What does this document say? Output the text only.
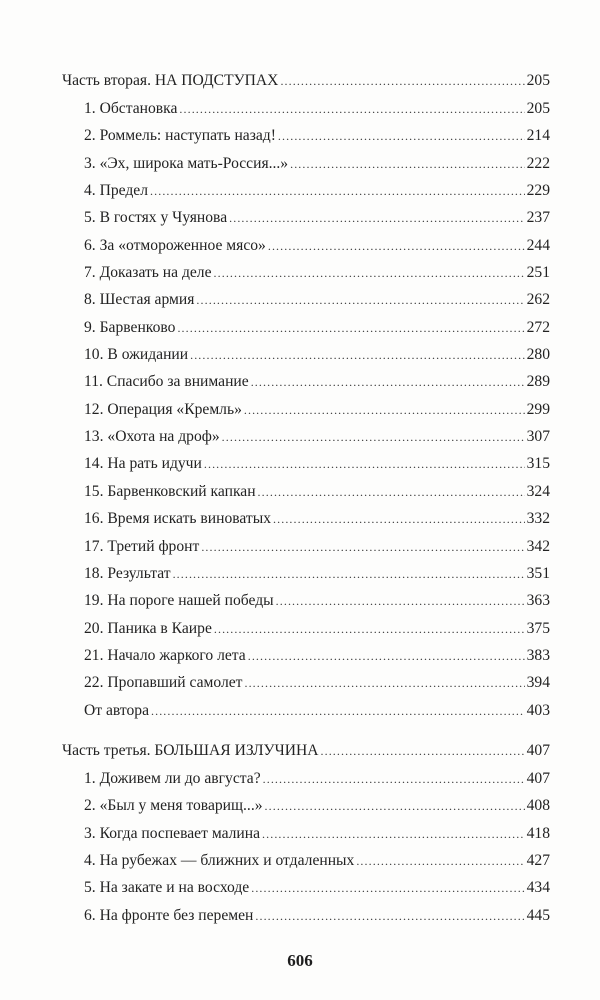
Часть вторая. НА ПОДСТУПАХ .....	205
1. Обстановка .....	205
2. Роммель: наступать назад! .....	214
3. «Эх, широка мать-Россия...» .....	222
4. Предел .....	229
5. В гостях у Чуянова .....	237
6. За «отмороженное мясо» .....	244
7. Доказать на деле .....	251
8. Шестая армия .....	262
9. Барвенково .....	272
10. В ожидании .....	280
11. Спасибо за внимание .....	289
12. Операция «Кремль» .....	299
13. «Охота на дроф» .....	307
14. На рать идучи .....	315
15. Барвенковский капкан .....	324
16. Время искать виноватых .....	332
17. Третий фронт .....	342
18. Результат .....	351
19. На пороге нашей победы .....	363
20. Паника в Каире .....	375
21. Начало жаркого лета .....	383
22. Пропавший самолет .....	394
От автора .....	403
Часть третья. БОЛЬШАЯ ИЗЛУЧИНА .....	407
1. Доживем ли до августа? .....	407
2. «Был у меня товарищ...» .....	408
3. Когда поспевает малина .....	418
4. На рубежах — ближних и отдаленных .....	427
5. На закате и на восходе .....	434
6. На фронте без перемен .....	445
606
